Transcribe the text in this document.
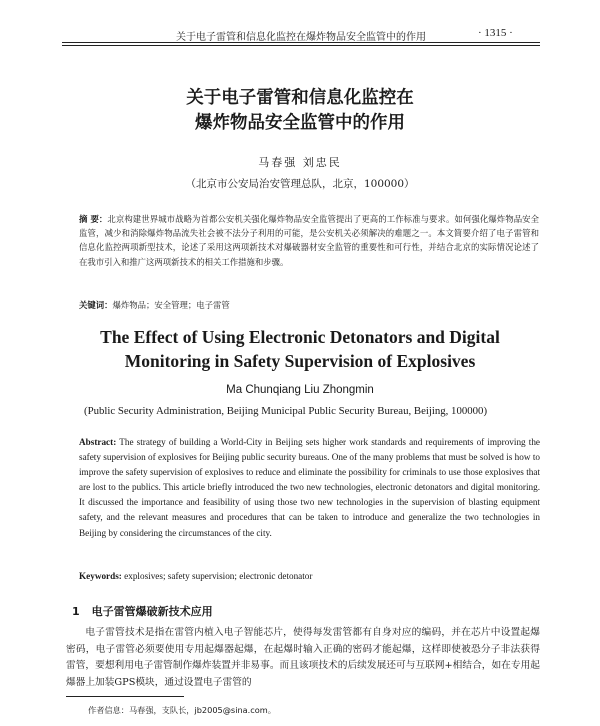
关于电子雷管和信息化监控在爆炸物品安全监管中的作用	· 1315 ·
关于电子雷管和信息化监控在
爆炸物品安全监管中的作用
马春强 刘忠民
（北京市公安局治安管理总队，北京，100000）
摘 要：北京构建世界城市战略为首都公安机关强化爆炸物品安全监管提出了更高的工作标准与要求。如何强化爆炸物品安全监管，减少和消除爆炸物品流失社会被不法分子利用的可能，是公安机关必须解决的难题之一。本文简要介绍了电子雷管和信息化监控两项新型技术，论述了采用这两项新技术对爆破器材安全监管的重要性和可行性，并结合北京的实际情况论述了在我市引入和推广这两项新技术的相关工作措施和步骤。
关键词：爆炸物品；安全管理；电子雷管
The Effect of Using Electronic Detonators and Digital
Monitoring in Safety Supervision of Explosives
Ma Chunqiang Liu Zhongmin
(Public Security Administration, Beijing Municipal Public Security Bureau, Beijing, 100000)
Abstract: The strategy of building a World-City in Beijing sets higher work standards and requirements of improving the safety supervision of explosives for Beijing public security bureaus. One of the many problems that must be solved is how to improve the safety supervision of explosives to reduce and eliminate the possibility for criminals to use those explosives that are lost to the publics. This article briefly introduced the two new technologies, electronic detonators and digital monitoring. It discussed the importance and feasibility of using those two new technologies in the supervision of blasting equipment safety, and the relevant measures and procedures that can be taken to introduce and generalize the two technologies in Beijing by considering the circumstances of the city.
Keywords: explosives; safety supervision; electronic detonator
1 电子雷管爆破新技术应用
电子雷管技术是指在雷管内植入电子智能芯片，使得每发雷管都有自身对应的编码，并在芯片中设置起爆密码，电子雷管必须要使用专用起爆器起爆，在起爆时输入正确的密码才能起爆，这样即使被恐分子非法获得雷管，要想利用电子雷管制作爆炸装置并非易事。而且该项技术的后续发展还可与互联网+相结合，如在专用起爆器上加装GPS模块，通过设置电子雷管的
作者信息：马春强，支队长，jb2005@sina.com。
